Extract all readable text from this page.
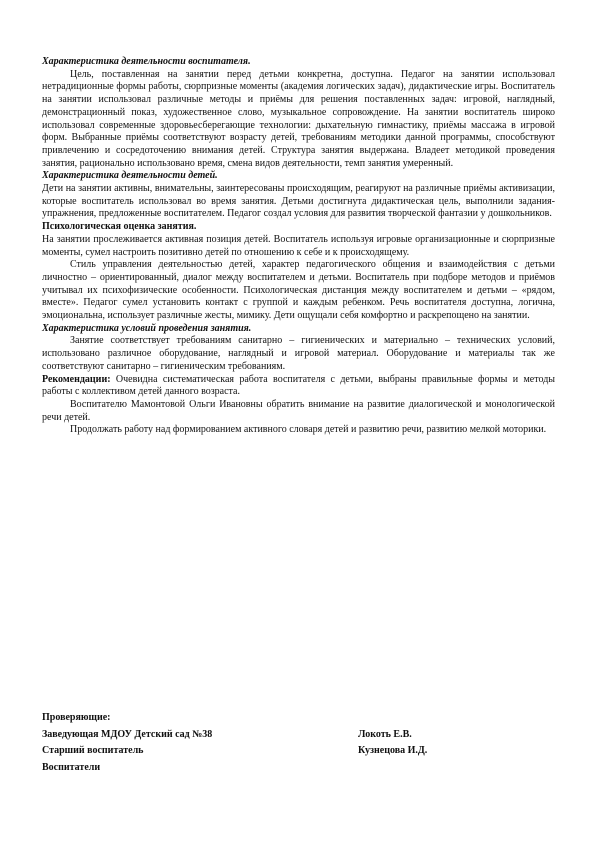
Характеристика деятельности воспитателя.

Цель, поставленная на занятии перед детьми конкретна, доступна. Педагог на занятии использовал нетрадиционные формы работы, сюрпризные моменты (академия логических задач), дидактические игры. Воспитатель на занятии использовал различные методы и приёмы для решения поставленных задач: игровой, наглядный, демонстрационный показ, художественное слово, музыкальное сопровождение. На занятии воспитатель широко использовал современные здоровьесберегающие технологии: дыхательную гимнастику, приёмы массажа в игровой форм. Выбранные приёмы соответствуют возрасту детей, требованиям методики данной программы, способствуют привлечению и сосредоточению внимания детей. Структура занятия выдержана. Владеет методикой проведения занятия, рационально использовано время, смена видов деятельности, темп занятия умеренный.

Характеристика деятельности детей.

Дети на занятии активны, внимательны, заинтересованы происходящим, реагируют на различные приёмы активизации, которые воспитатель использовал во время занятия. Детьми достигнута дидактическая цель, выполнили задания-упражнения, предложенные воспитателем. Педагог создал условия для развития творческой фантазии у дошкольников.

Психологическая оценка занятия.

На занятии прослеживается активная позиция детей. Воспитатель используя игровые организационные и сюрпризные моменты, сумел настроить позитивно детей по отношению к себе и к происходящему.

Стиль управления деятельностью детей, характер педагогического общения и взаимодействия с детьми личностно – ориентированный, диалог между воспитателем и детьми. Воспитатель при подборе методов и приёмов учитывал их психофизические особенности. Психологическая дистанция между воспитателем и детьми – «рядом, вместе». Педагог сумел установить контакт с группой и каждым ребенком. Речь воспитателя доступна, логична, эмоциональна, использует различные жесты, мимику. Дети ощущали себя комфортно и раскрепощено на занятии.

Характеристика условий проведения занятия.

Занятие соответствует требованиям санитарно – гигиенических и материально – технических условий, использовано различное оборудование, наглядный и игровой материал. Оборудование и материалы так же соответствуют санитарно – гигиеническим требованиям.

Рекомендации: Очевидна систематическая работа воспитателя с детьми, выбраны правильные формы и методы работы с коллективом детей данного возраста.

Воспитателю Мамонтовой Ольги Ивановны обратить внимание на развитие диалогической и монологической речи детей.

Продолжать работу над формированием активного словаря детей и развитию речи, развитию мелкой моторики.

Проверяющие:
Заведующая МДОУ Детский сад №38	Локоть Е.В.
Старший воспитатель	Кузнецова И.Д.
Воспитатели
